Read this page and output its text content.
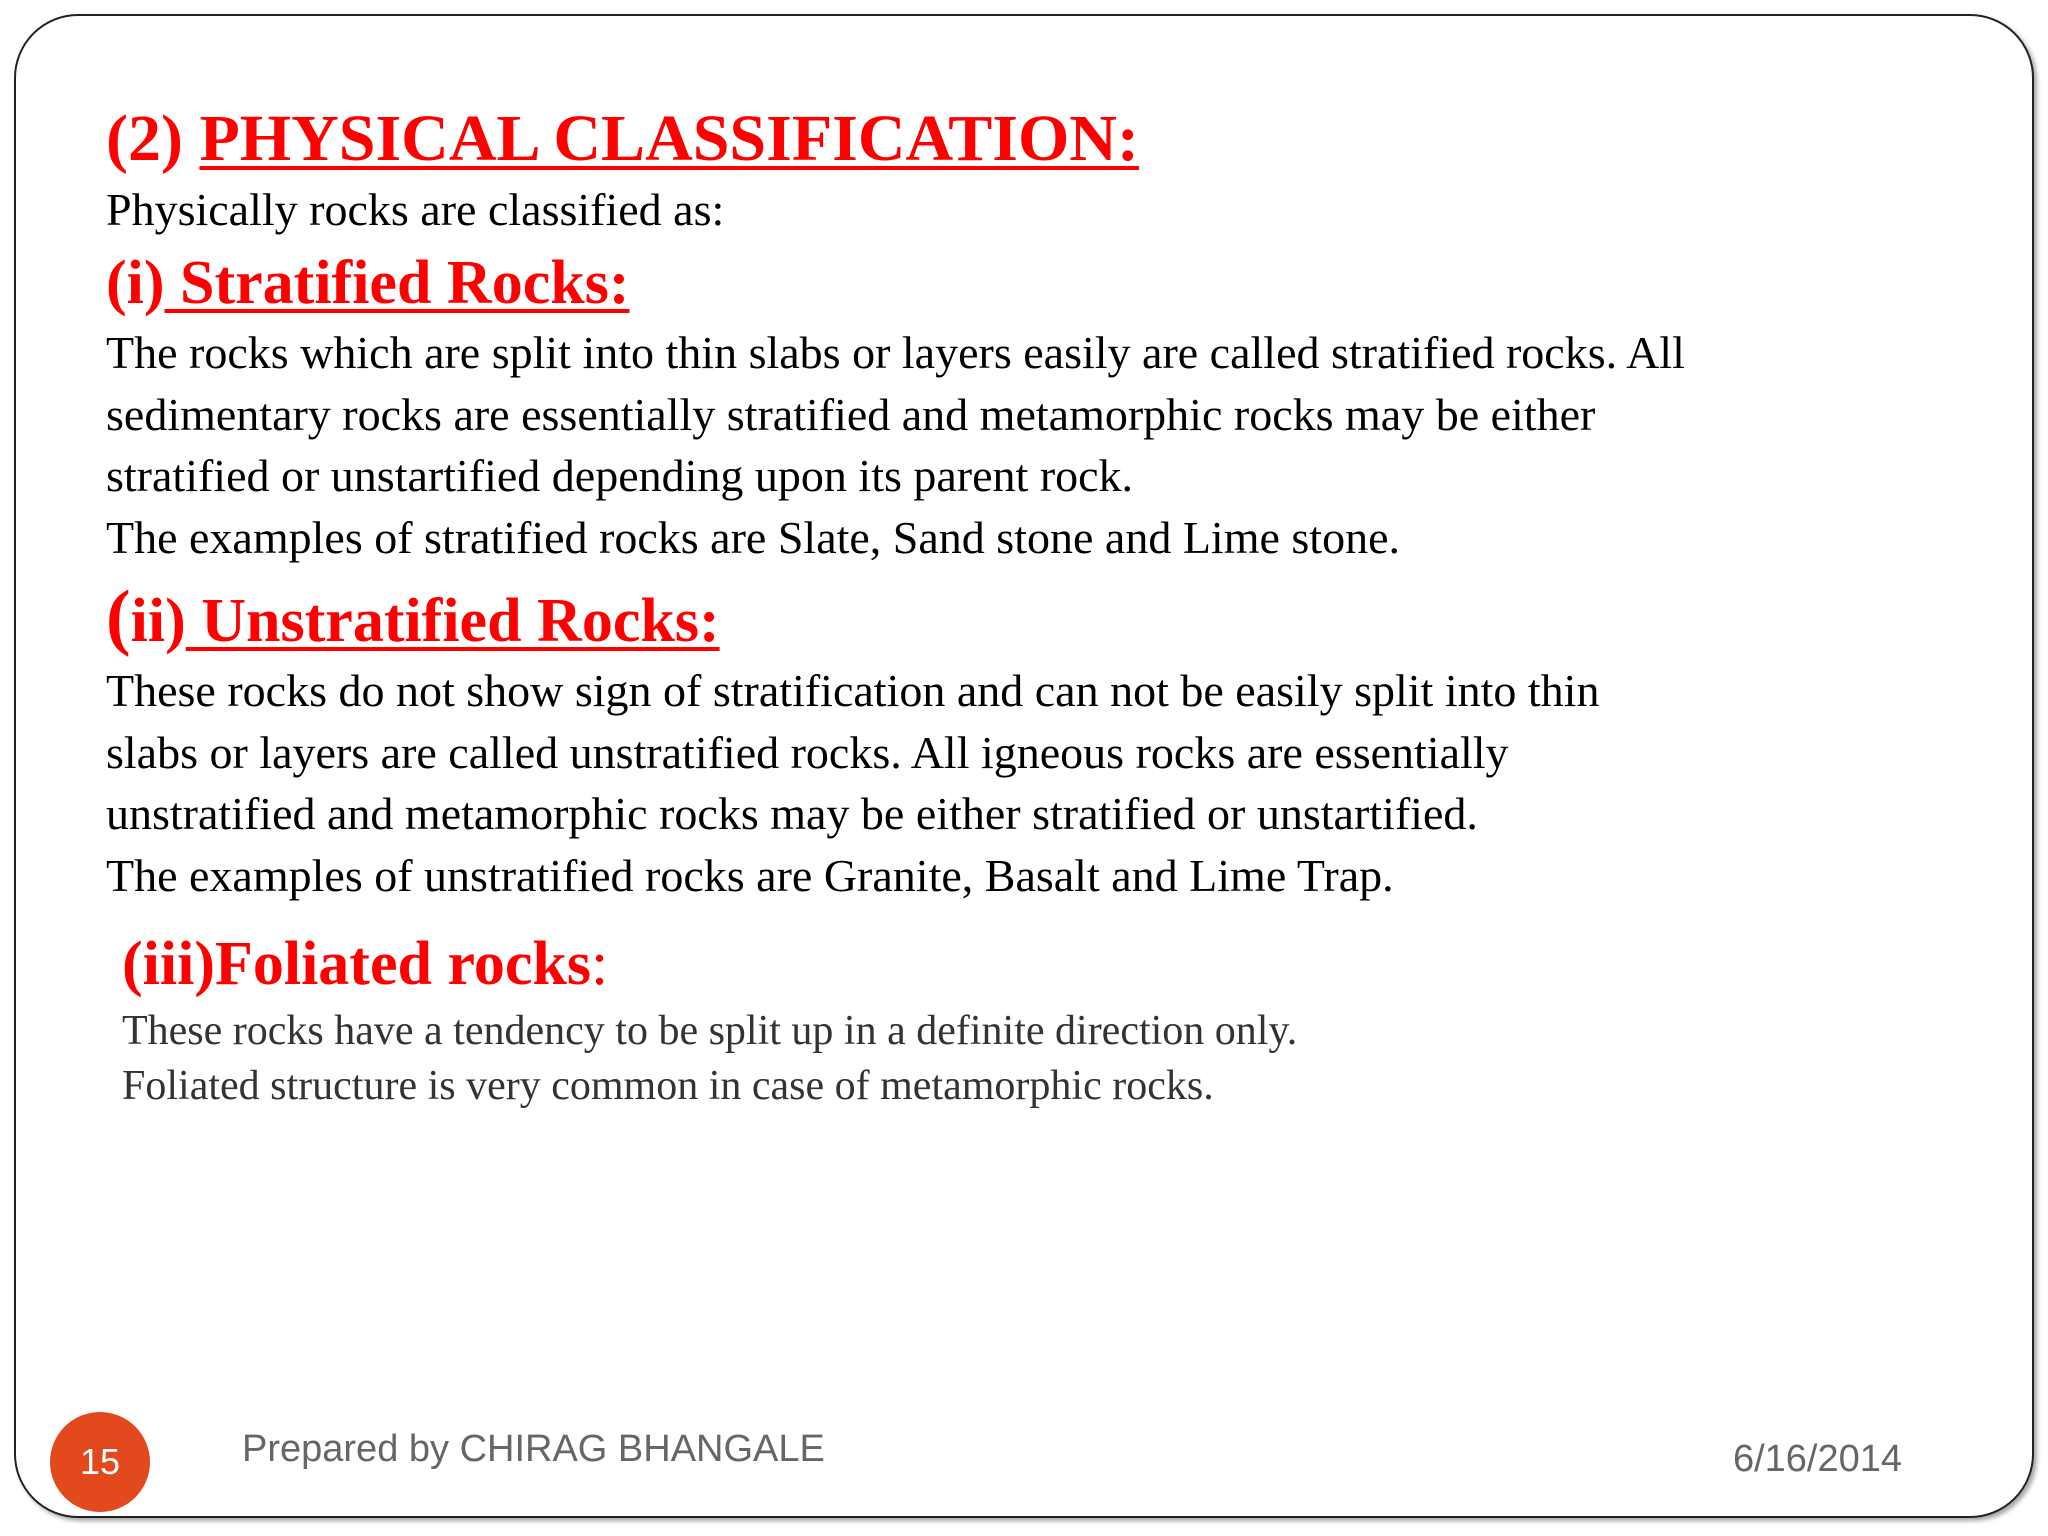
(2) PHYSICAL CLASSIFICATION:

Physically rocks are classified as:

(i) Stratified Rocks:

The rocks which are split into thin slabs or layers easily are called stratified rocks. All

sedimentary rocks are essentially stratified and metamorphic rocks may be either

stratified or unstartified depending upon its parent rock.

The examples of stratified rocks are Slate, Sand stone and Lime stone.

(ii) Unstratified Rocks:

These rocks do not show sign of stratification and can not be easily split into thin

slabs or layers are called unstratified rocks. All igneous rocks are essentially

unstratified and metamorphic rocks may be either stratified or unstartified.

The examples of unstratified rocks are Granite, Basalt and Lime Trap.

(iii)Foliated rocks:

These rocks have a tendency to be split up in a definite direction only.

Foliated structure is very common in case of metamorphic rocks.

15	Prepared by CHIRAG BHANGALE	6/16/2014
